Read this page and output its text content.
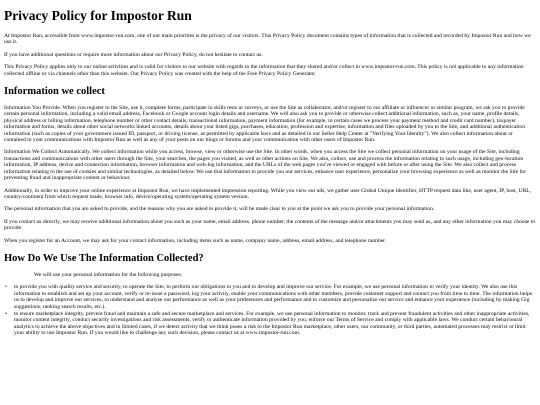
Privacy Policy for Impostor Run

At Impostor Run, accessible from www.impostor-run.com, one of our main priorities is the privacy of our visitors. This Privacy Policy document contains types of information that is collected and recorded by Impostor Run and how we use it.

If you have additional questions or require more information about our Privacy Policy, do not hesitate to contact us.

This Privacy Policy applies only to our online activities and is valid for visitors to our website with regards to the information that they shared and/or collect in www.impostor-run.com. This policy is not applicable to any information collected offline or via channels other than this website. Our Privacy Policy was created with the help of the Free Privacy Policy Generator.

Information we collect

Information You Provide. When you register to the Site, use it, complete forms, participate in skills tests or surveys, or use the Site as collaborator, and/or register to our affiliate or influencer or similar program, we ask you to provide certain personal information, including a valid email address, Facebook or Google account login details and username. We will also ask you to provide or otherwise collect additional information, such as, your name, profile details, physical address or billing information, telephone number or other contact details, transactional information, payment information (for example, in certain cases we process your payment method and credit card number), taxpayer information and forms, details about other social networks linked accounts, details about your listed gigs, purchases, education, profession and expertise, information and files uploaded by you to the Site, and additional authentication information (such as copies of your government issued ID, passport, or driving license, as permitted by applicable laws and as detailed in our Seller Help Center at "Verifying Your Identity"). We also collect information about or contained in your communications with Impostor Run as well as any of your posts on our blogs or forums and your communication with other users of Impostor Run.

Information We Collect Automatically. We collect information while you access, browse, view or otherwise use the Site. In other words, when you access the Site we collect personal information on your usage of the Site, including transactions and communications with other users through the Site, your searches, the pages you visited, as well as other actions on Site. We also, collect, use and process the information relating to such usage, including geo-location information, IP address, device and connection information, browser information and web-log information, and the URLs of the web pages you've viewed or engaged with before or after using the Site. We also collect and process information relating to the use of cookies and similar technologies, as detailed below. We use that information to provide you our services, enhance user experience, personalize your browsing experience as well as monitor the Site for preventing fraud and inappropriate content or behaviour.

Additionally, in order to improve your online experience at Impostor Run, we have implemented impression reporting. While you view our ads, we gather user Global Unique Identifier, HTTP request data like, user agent, IP, host, URL, country/continent from which request made, browser info, device/operating system/operating system version.

The personal information that you are asked to provide, and the reasons why you are asked to provide it, will be made clear to you at the point we ask you to provide your personal information.

If you contact us directly, we may receive additional information about you such as your name, email address, phone number, the contents of the message and/or attachments you may send us, and any other information you may choose to provide.

When you register for an Account, we may ask for your contact information, including items such as name, company name, address, email address, and telephone number.

How Do We Use The Information Collected?

We will use your personal information for the following purposes:

• to provide you with quality service and security, to operate the Site, to perform our obligations to you and to develop and improve our service. For example, we use personal information to verify your identity. We also use this information to establish and set up your account, verify or re-issue a password, log your activity, enable your communications with other members, provide customer support and contact you from time to time. The information helps us to develop and improve our services, to understand and analyse our performance as well as your preferences and performance and to customize and personalize our service and enhance your experience (including by making Gig suggestions, ranking search results, etc.).
• to ensure marketplace integrity, prevent fraud and maintain a safe and secure marketplace and services. For example, we use personal information to monitor, track and prevent fraudulent activities and other inappropriate activities, monitor content integrity, conduct security investigations and risk assessments, verify or authenticate information provided by you, enforce our Terms of Service and comply with applicable laws. We conduct certain behavioural analytics to achieve the above objectives and in limited cases, if we detect activity that we think poses a risk to the Impostor Run marketplace, other users, our community, or third parties, automated processes may restrict or limit your ability to use Impostor Run. If you would like to challenge any such decision, please contact us at www.impostor-run.com.
